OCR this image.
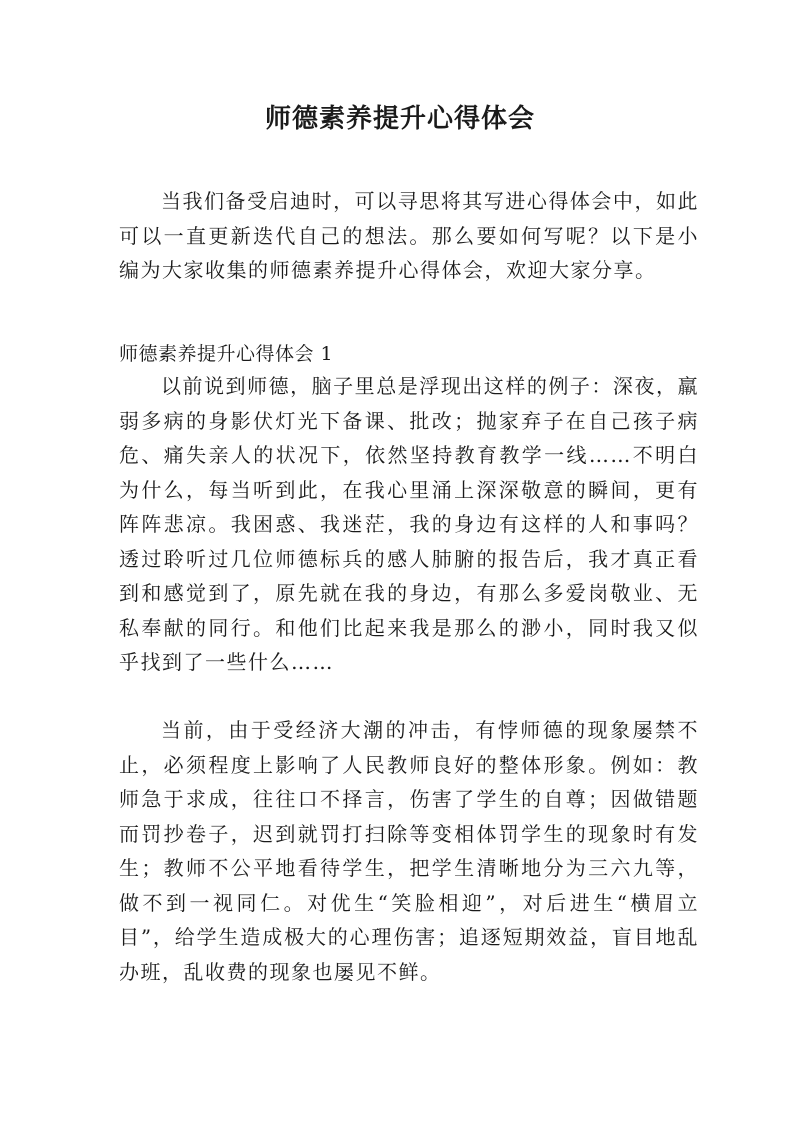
师德素养提升心得体会

当我们备受启迪时，可以寻思将其写进心得体会中，如此可以一直更新迭代自己的想法。那么要如何写呢？以下是小编为大家收集的师德素养提升心得体会，欢迎大家分享。

师德素养提升心得体会 1

以前说到师德，脑子里总是浮现出这样的例子：深夜，羸弱多病的身影伏灯光下备课、批改；抛家弃子在自己孩子病危、痛失亲人的状况下，依然坚持教育教学一线……不明白为什么，每当听到此，在我心里涌上深深敬意的瞬间，更有阵阵悲凉。我困惑、我迷茫，我的身边有这样的人和事吗？透过聆听过几位师德标兵的感人肺腑的报告后，我才真正看到和感觉到了，原先就在我的身边，有那么多爱岗敬业、无私奉献的同行。和他们比起来我是那么的渺小，同时我又似乎找到了一些什么……

当前，由于受经济大潮的冲击，有悖师德的现象屡禁不止，必须程度上影响了人民教师良好的整体形象。例如：教师急于求成，往往口不择言，伤害了学生的自尊；因做错题而罚抄卷子，迟到就罚打扫除等变相体罚学生的现象时有发生；教师不公平地看待学生，把学生清晰地分为三六九等，做不到一视同仁。对优生“笑脸相迎”，对后进生“横眉立目”，给学生造成极大的心理伤害；追逐短期效益，盲目地乱办班，乱收费的现象也屡见不鲜。
